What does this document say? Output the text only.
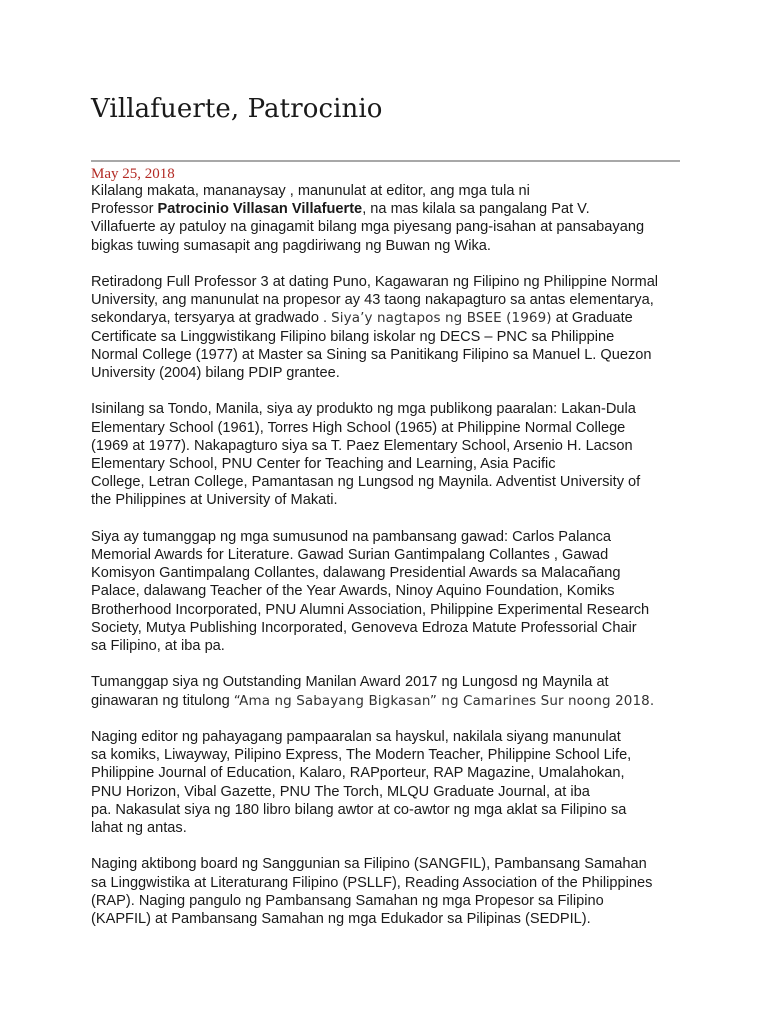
Villafuerte, Patrocinio
May 25, 2018

Kilalang makata, mananaysay , manunulat at editor, ang mga tula ni
Professor Patrocinio Villasan Villafuerte, na mas kilala sa pangalang Pat V.
Villafuerte ay patuloy na ginagamit bilang mga piyesang pang-isahan at pansabayang
bigkas tuwing sumasapit ang pagdiriwang ng Buwan ng Wika.

Retiradong Full Professor 3 at dating Puno, Kagawaran ng Filipino ng Philippine Normal
University, ang manunulat na propesor ay 43 taong nakapagturo sa antas elementarya,
sekondarya, tersyarya at gradwado . Siya’y nagtapos ng BSEE (1969) at Graduate
Certificate sa Linggwistikang Filipino bilang iskolar ng DECS – PNC sa Philippine
Normal College (1977) at Master sa Sining sa Panitikang Filipino sa Manuel L. Quezon
University (2004) bilang PDIP grantee.

Isinilang sa Tondo, Manila, siya ay produkto ng mga publikong paaralan: Lakan-Dula
Elementary School (1961), Torres High School (1965) at Philippine Normal College
(1969 at 1977). Nakapagturo siya sa T. Paez Elementary School, Arsenio H. Lacson
Elementary School, PNU Center for Teaching and Learning, Asia Pacific
College, Letran College, Pamantasan ng Lungsod ng Maynila. Adventist University of
the Philippines at University of Makati.

Siya ay tumanggap ng mga sumusunod na pambansang gawad: Carlos Palanca
Memorial Awards for Literature. Gawad Surian Gantimpalang Collantes , Gawad
Komisyon Gantimpalang Collantes, dalawang Presidential Awards sa Malacañang
Palace, dalawang Teacher of the Year Awards, Ninoy Aquino Foundation, Komiks
Brotherhood Incorporated, PNU Alumni Association, Philippine Experimental Research
Society, Mutya Publishing Incorporated, Genoveva Edroza Matute Professorial Chair
sa Filipino, at iba pa.

Tumanggap siya ng Outstanding Manilan Award 2017 ng Lungosd ng Maynila at
ginawaran ng titulong “Ama ng Sabayang Bigkasan” ng Camarines Sur noong 2018.

Naging editor ng pahayagang pampaaralan sa hayskul, nakilala siyang manunulat
sa komiks, Liwayway, Pilipino Express, The Modern Teacher, Philippine School Life,
Philippine Journal of Education, Kalaro, RAPporteur, RAP Magazine, Umalahokan,
PNU Horizon, Vibal Gazette, PNU The Torch, MLQU Graduate Journal, at iba
pa. Nakasulat siya ng 180 libro bilang awtor at co-awtor ng mga aklat sa Filipino sa
lahat ng antas.

Naging aktibong board ng Sanggunian sa Filipino (SANGFIL), Pambansang Samahan
sa Linggwistika at Literaturang Filipino (PSLLF), Reading Association of the Philippines
(RAP). Naging pangulo ng Pambansang Samahan ng mga Propesor sa Filipino
(KAPFIL) at Pambansang Samahan ng mga Edukador sa Pilipinas (SEDPIL).
